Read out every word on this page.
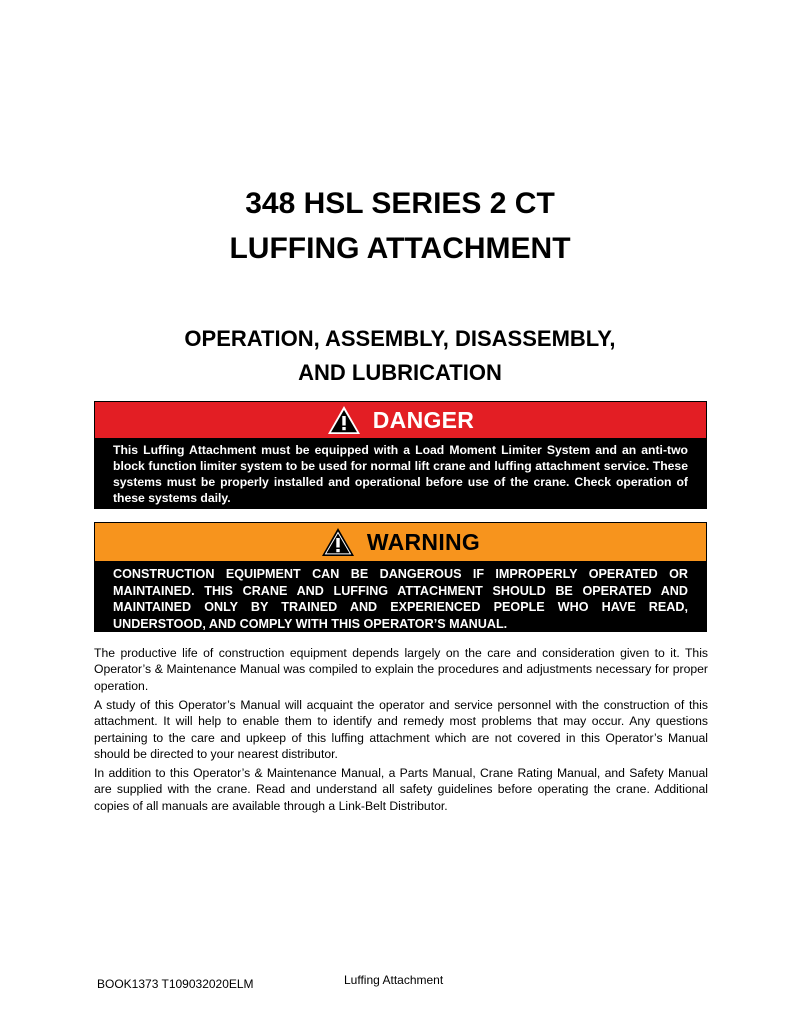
348 HSL SERIES 2 CT
LUFFING ATTACHMENT
OPERATION, ASSEMBLY, DISASSEMBLY,
AND LUBRICATION
DANGER
This Luffing Attachment must be equipped with a Load Moment Limiter System and an anti-two block function limiter system to be used for normal lift crane and luffing attachment service. These systems must be properly installed and operational before use of the crane. Check operation of these systems daily.
WARNING
CONSTRUCTION EQUIPMENT CAN BE DANGEROUS IF IMPROPERLY OPERATED OR MAINTAINED. THIS CRANE AND LUFFING ATTACHMENT SHOULD BE OPERATED AND MAINTAINED ONLY BY TRAINED AND EXPERIENCED PEOPLE WHO HAVE READ, UNDERSTOOD, AND COMPLY WITH THIS OPERATOR’S MANUAL.

The productive life of construction equipment depends largely on the care and consideration given to it. This Operator’s & Maintenance Manual was compiled to explain the procedures and adjustments necessary for proper operation.

A study of this Operator’s Manual will acquaint the operator and service personnel with the construction of this attachment. It will help to enable them to identify and remedy most problems that may occur. Any questions pertaining to the care and upkeep of this luffing attachment which are not covered in this Operator’s Manual should be directed to your nearest distributor.

In addition to this Operator’s & Maintenance Manual, a Parts Manual, Crane Rating Manual, and Safety Manual are supplied with the crane. Read and understand all safety guidelines before operating the crane. Additional copies of all manuals are available through a Link-Belt Distributor.

BOOK1373 T109032020ELM	Luffing Attachment
